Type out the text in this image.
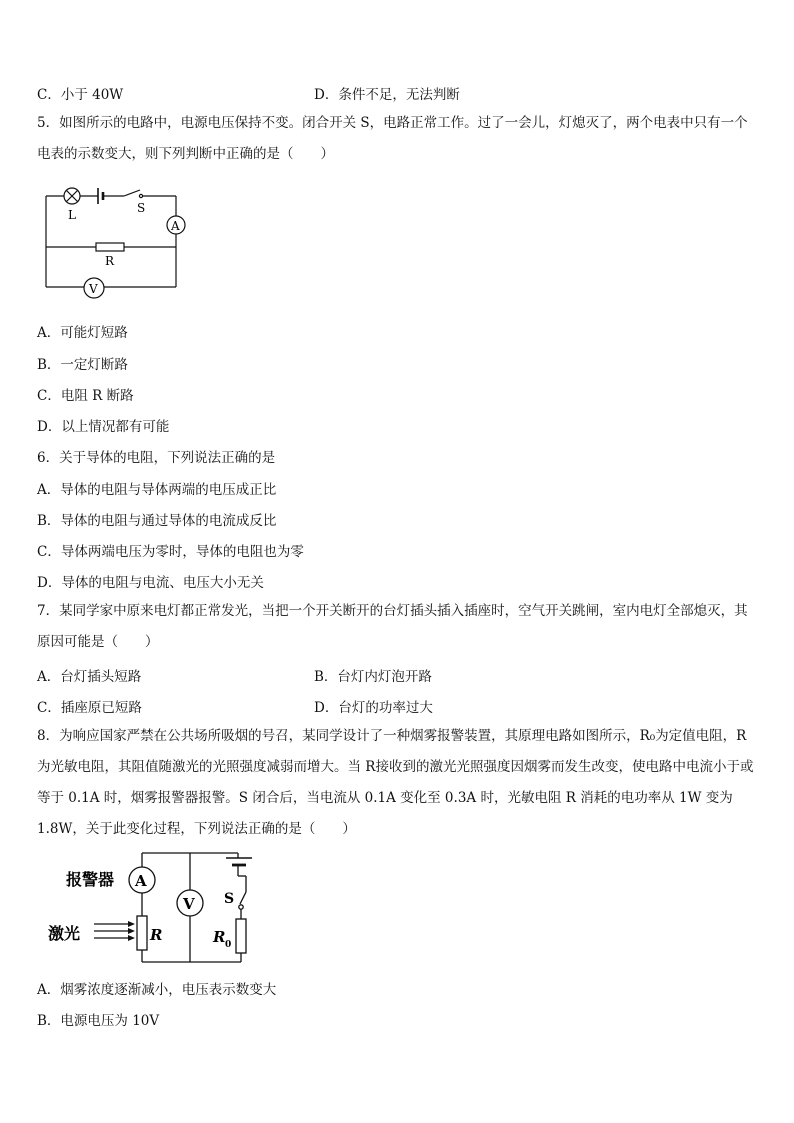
C．小于 40W	D．条件不足，无法判断
5．如图所示的电路中，电源电压保持不变。闭合开关 S，电路正常工作。过了一会儿，灯熄灭了，两个电表中只有一个电表的示数变大，则下列判断中正确的是（　　）
L	S
A
R
V
A．可能灯短路
B．一定灯断路
C．电阻 R 断路
D．以上情况都有可能
6．关于导体的电阻，下列说法正确的是
A．导体的电阻与导体两端的电压成正比
B．导体的电阻与通过导体的电流成反比
C．导体两端电压为零时，导体的电阻也为零
D．导体的电阻与电流、电压大小无关
7．某同学家中原来电灯都正常发光，当把一个开关断开的台灯插头插入插座时，空气开关跳闸，室内电灯全部熄灭，其原因可能是（　　）
A．台灯插头短路	B．台灯内灯泡开路
C．插座原已短路	D．台灯的功率过大
8．为响应国家严禁在公共场所吸烟的号召，某同学设计了一种烟雾报警装置，其原理电路如图所示，R₀为定值电阻，R为光敏电阻，其阻值随激光的光照强度减弱而增大。当 R接收到的激光光照强度因烟雾而发生改变，使电路中电流小于或等于 0.1A 时，烟雾报警器报警。S 闭合后，当电流从 0.1A 变化至 0.3A 时，光敏电阻 R 消耗的电功率从 1W 变为 1.8W，关于此变化过程，下列说法正确的是（　　）
报警器 A
激光	R
V S
R 0
A．烟雾浓度逐渐减小，电压表示数变大
B．电源电压为 10V
